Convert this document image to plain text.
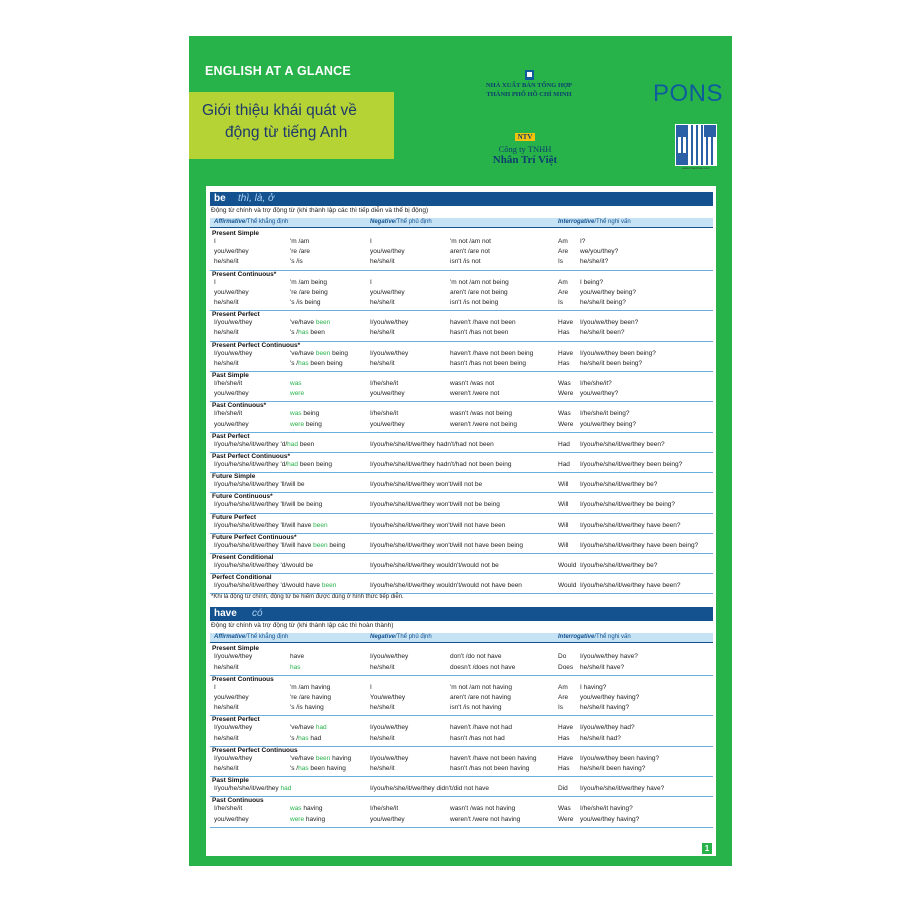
ENGLISH AT A GLANCE
Giới thiệu khái quát về
động từ tiếng Anh
NHÀ XUẤT BẢN TỔNG HỢP
THÀNH PHỐ HỒ CHÍ MINH
NTV
Công ty TNHH
Nhân Trí Việt
PONS
www.nhantriviet.com
1
be thì, là, ở
Động từ chính và trợ động từ (khi thành lập các thì tiếp diễn và thể bị động)
Affirmative/Thể khẳng định	Negative/Thể phủ định	Interrogative/Thể nghi vấn
Present Simple
I	'm /am	I	'm not /am not	Am I?
you/we/they	're /are	you/we/they	aren't /are not	Are we/you/they?
he/she/it	's /is	he/she/it	isn't /is not	Is	he/she/it?
Present Continuous*
I	'm /am being	I	'm not /am not being	Am I being?
you/we/they	're /are being	you/we/they	aren't /are not being	Are you/we/they being?
he/she/it	's /is being	he/she/it	isn't /is not being	Is	he/she/it being?
Present Perfect
I/you/we/they	've/have been	I/you/we/they	haven't /have not been	Have I/you/we/they been?
he/she/it	's /has been	he/she/it	hasn't /has not been	Has he/she/it been?
Present Perfect Continuous*
I/you/we/they	've/have been being	I/you/we/they	haven't /have not been being	Have I/you/we/they been being?
he/she/it	's /has been being	he/she/it	hasn't /has not been being	Has he/she/it been being?
Past Simple
I/he/she/it	was	I/he/she/it	wasn't /was not	Was I/he/she/it?
you/we/they	were	you/we/they	weren't /were not	Were you/we/they?
Past Continuous*
I/he/she/it	was being	I/he/she/it	wasn't /was not being	Was I/he/she/it being?
you/we/they	were being	you/we/they	weren't /were not being	Were you/we/they being?
Past Perfect
I/you/he/she/it/we/they 'd/had been	I/you/he/she/it/we/they hadn't/had not been	Had I/you/he/she/it/we/they been?
Past Perfect Continuous*
I/you/he/she/it/we/they 'd/had been being	I/you/he/she/it/we/they hadn't/had not been being	Had I/you/he/she/it/we/they been being?
Future Simple
I/you/he/she/it/we/they 'll/will be	I/you/he/she/it/we/they won't/will not be	Will I/you/he/she/it/we/they be?
Future Continuous*
I/you/he/she/it/we/they 'll/will be being	I/you/he/she/it/we/they won't/will not be being	Will I/you/he/she/it/we/they be being?
Future Perfect
I/you/he/she/it/we/they 'll/will have been	I/you/he/she/it/we/they won't/will not have been	Will I/you/he/she/it/we/they have been?
Future Perfect Continuous*
I/you/he/she/it/we/they 'll/will have been being	I/you/he/she/it/we/they won't/will not have been being	Will I/you/he/she/it/we/they have been being?
Present Conditional
I/you/he/she/it/we/they 'd/would be	I/you/he/she/it/we/they wouldn't/would not be	Would I/you/he/she/it/we/they be?
Perfect Conditional
I/you/he/she/it/we/they 'd/would have been	I/you/he/she/it/we/they wouldn't/would not have been	Would I/you/he/she/it/we/they have been?
*Khi là động từ chính, động từ be hiếm được dùng ở hình thức tiếp diễn.
have có
Động từ chính và trợ động từ (khi thành lập các thì hoàn thành)
Affirmative/Thể khẳng định	Negative/Thể phủ định	Interrogative/Thể nghi vấn
Present Simple
I/you/we/they	have	I/you/we/they	don't /do not have	Do I/you/we/they have?
he/she/it	has	he/she/it	doesn't /does not have	Does he/she/it have?
Present Continuous
I	'm /am having	I	'm not /am not having	Am I having?
you/we/they	're /are having	You/we/they	aren't /are not having	Are you/we/they having?
he/she/it	's /is having	he/she/it	isn't /is not having	Is	he/she/it having?
Present Perfect
I/you/we/they	've/have had	I/you/we/they	haven't /have not had	Have I/you/we/they had?
he/she/it	's /has had	he/she/it	hasn't /has not had	Has he/she/it had?
Present Perfect Continuous
I/you/we/they	've/have been having	I/you/we/they	haven't /have not been having	Have I/you/we/they been having?
he/she/it	's /has been having	he/she/it	hasn't /has not been having	Has he/she/it been having?
Past Simple
I/you/he/she/it/we/they had	I/you/he/she/it/we/they didn't/did not have	Did I/you/he/she/it/we/they have?
Past Continuous
I/he/she/it	was having	I/he/she/it	wasn't /was not having	Was I/he/she/it having?
you/we/they	were having	you/we/they	weren't /were not having	Were you/we/they having?
